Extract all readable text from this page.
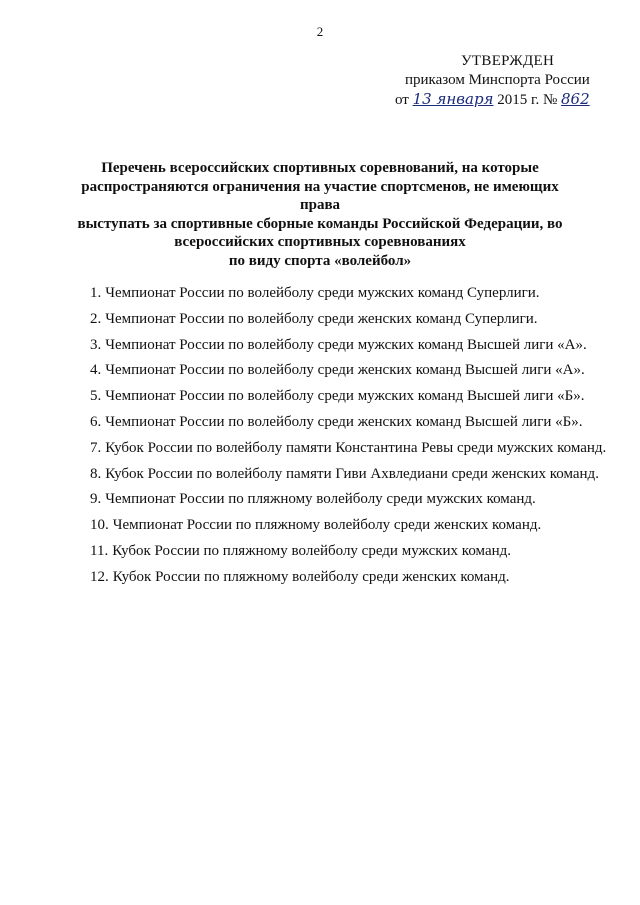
2
УТВЕРЖДЕН
приказом Минспорта России
от 13 января 2015 г. № 862
Перечень всероссийских спортивных соревнований, на которые
распространяются ограничения на участие спортсменов, не имеющих права
выступать за спортивные сборные команды Российской Федерации, во
всероссийских спортивных соревнованиях
по виду спорта «волейбол»
1. Чемпионат России по волейболу среди мужских команд Суперлиги.
2. Чемпионат России по волейболу среди женских команд Суперлиги.
3. Чемпионат России по волейболу среди мужских команд Высшей лиги «А».
4. Чемпионат России по волейболу среди женских команд Высшей лиги «А».
5. Чемпионат России по волейболу среди мужских команд Высшей лиги «Б».
6. Чемпионат России по волейболу среди женских команд Высшей лиги «Б».
7. Кубок России по волейболу памяти Константина Ревы среди мужских команд.
8. Кубок России по волейболу памяти Гиви Ахвледиани среди женских команд.
9. Чемпионат России по пляжному волейболу среди мужских команд.
10. Чемпионат России по пляжному волейболу среди женских команд.
11. Кубок России по пляжному волейболу среди мужских команд.
12. Кубок России по пляжному волейболу среди женских команд.
